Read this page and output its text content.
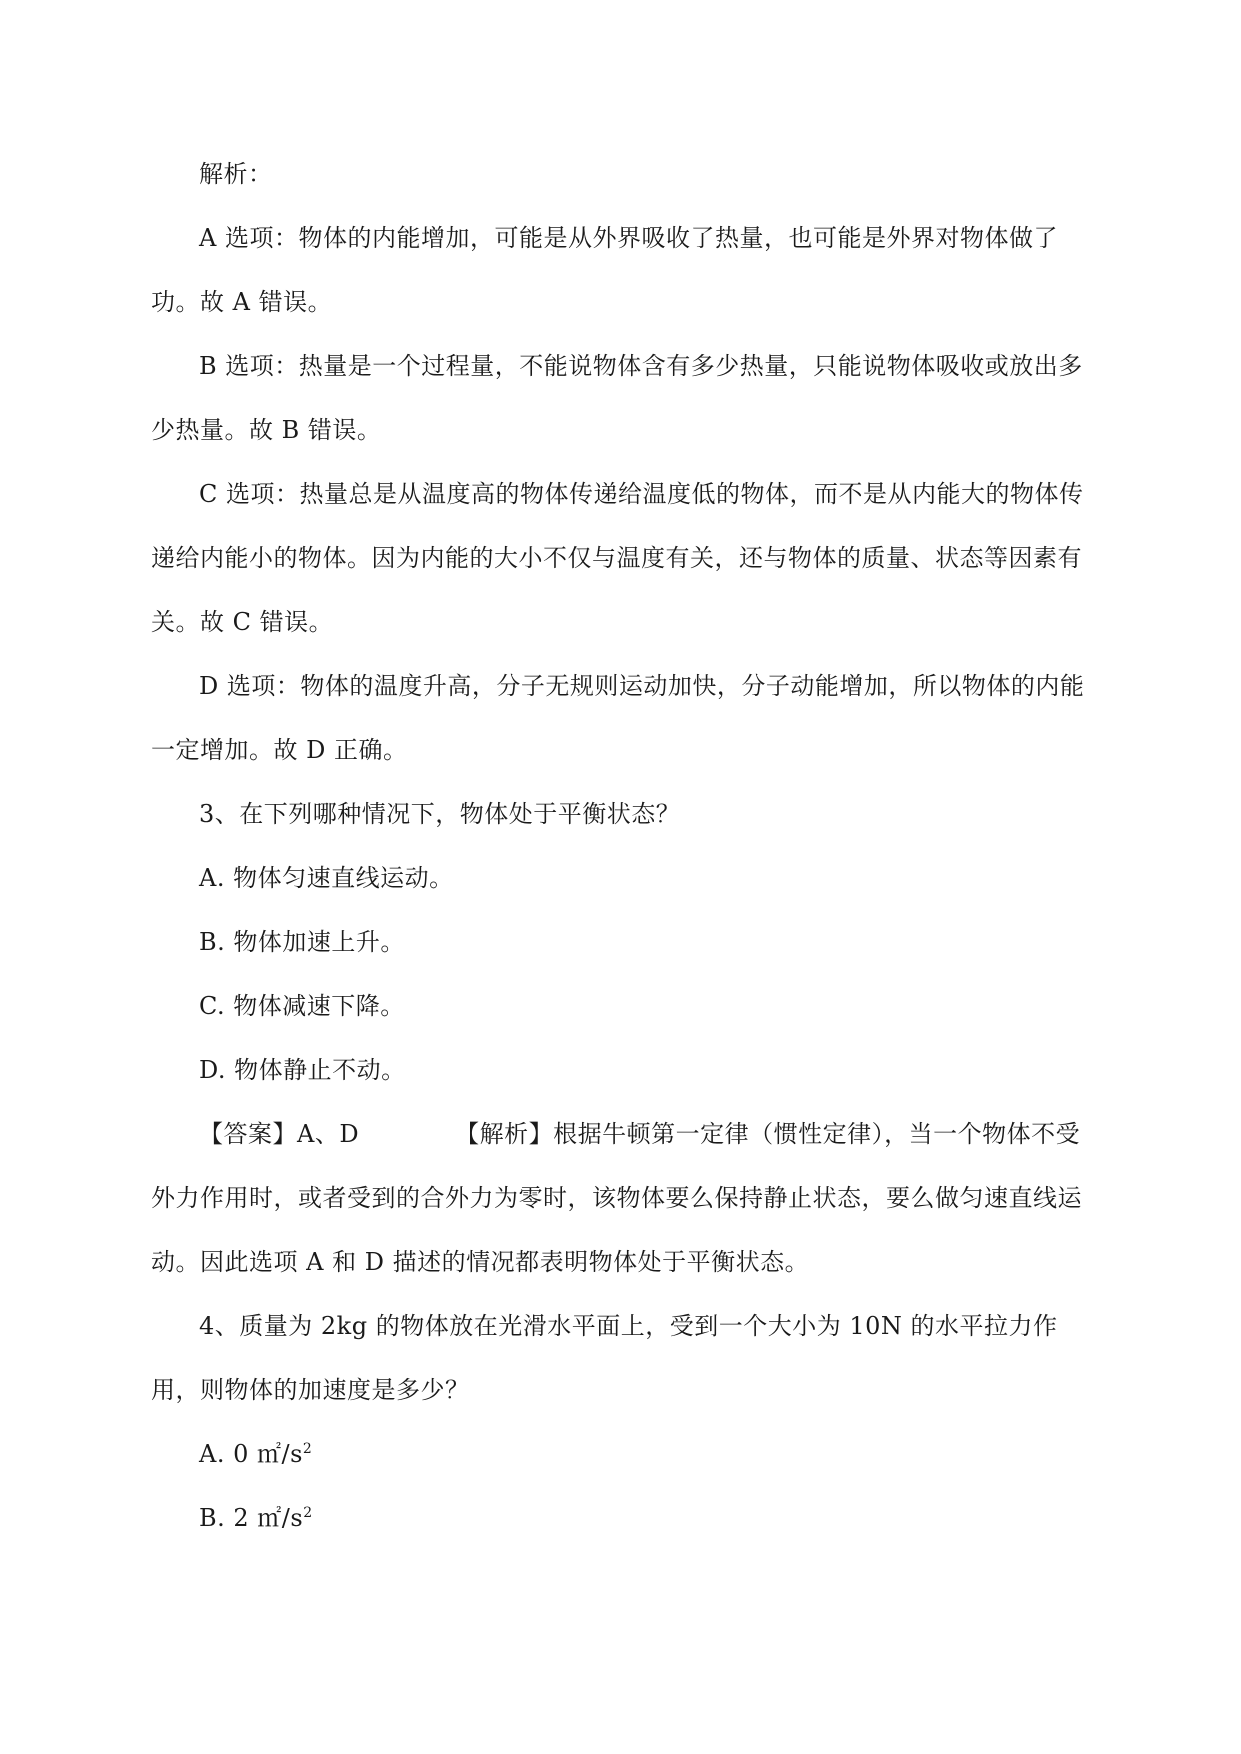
解析：

A 选项：物体的内能增加，可能是从外界吸收了热量，也可能是外界对物体做了功。故 A 错误。

B 选项：热量是一个过程量，不能说物体含有多少热量，只能说物体吸收或放出多少热量。故 B 错误。

C 选项：热量总是从温度高的物体传递给温度低的物体，而不是从内能大的物体传递给内能小的物体。因为内能的大小不仅与温度有关，还与物体的质量、状态等因素有关。故 C 错误。

D 选项：物体的温度升高，分子无规则运动加快，分子动能增加，所以物体的内能一定增加。故 D 正确。

3、在下列哪种情况下，物体处于平衡状态？

A. 物体匀速直线运动。

B. 物体加速上升。

C. 物体减速下降。

D. 物体静止不动。

【答案】A、D	【解析】根据牛顿第一定律（惯性定律），当一个物体不受外力作用时，或者受到的合外力为零时，该物体要么保持静止状态，要么做匀速直线运动。因此选项 A 和 D 描述的情况都表明物体处于平衡状态。

4、质量为 2kg 的物体放在光滑水平面上，受到一个大小为 10N 的水平拉力作用，则物体的加速度是多少？

A. 0 $㎡/s^2$

B. 2 $㎡/s^2$
